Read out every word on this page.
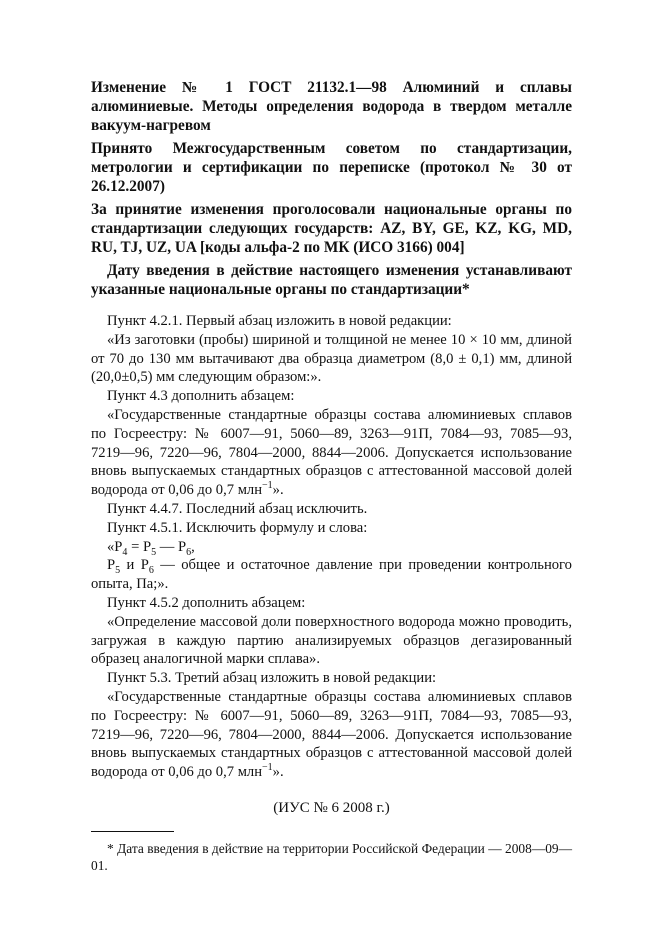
Изменение № 1 ГОСТ 21132.1—98 Алюминий и сплавы алюминиевые. Методы определения водорода в твердом металле вакуум-нагревом

Принято Межгосударственным советом по стандартизации, метрологии и сертификации по переписке (протокол № 30 от 26.12.2007)

За принятие изменения проголосовали национальные органы по стандартизации следующих государств: AZ, BY, GE, KZ, KG, MD, RU, TJ, UZ, UA [коды альфа-2 по МК (ИСО 3166) 004]

Дату введения в действие настоящего изменения устанавливают указанные национальные органы по стандартизации*

Пункт 4.2.1. Первый абзац изложить в новой редакции:

«Из заготовки (пробы) шириной и толщиной не менее 10 × 10 мм, длиной от 70 до 130 мм вытачивают два образца диаметром (8,0 ± 0,1) мм, длиной (20,0±0,5) мм следующим образом:».

Пункт 4.3 дополнить абзацем:

«Государственные стандартные образцы состава алюминиевых сплавов по Госреестру: № 6007—91, 5060—89, 3263—91П, 7084—93, 7085—93, 7219—96, 7220—96, 7804—2000, 8844—2006. Допускается использование вновь выпускаемых стандартных образцов с аттестованной массовой долей водорода от 0,06 до 0,7 млн$^{-1}$».

Пункт 4.4.7. Последний абзац исключить.

Пункт 4.5.1. Исключить формулу и слова:

«$P_4 = P_5$ — $P_6$,

$P_5$ и $P_6$ — общее и остаточное давление при проведении контрольного опыта, Па;».

Пункт 4.5.2 дополнить абзацем:

«Определение массовой доли поверхностного водорода можно проводить, загружая в каждую партию анализируемых образцов дегазированный образец аналогичной марки сплава».

Пункт 5.3. Третий абзац изложить в новой редакции:

«Государственные стандартные образцы состава алюминиевых сплавов по Госреестру: № 6007—91, 5060—89, 3263—91П, 7084—93, 7085—93, 7219—96, 7220—96, 7804—2000, 8844—2006. Допускается использование вновь выпускаемых стандартных образцов с аттестованной массовой долей водорода от 0,06 до 0,7 млн$^{-1}$».

(ИУС № 6 2008 г.)

* Дата введения в действие на территории Российской Федерации — 2008—09—01.
